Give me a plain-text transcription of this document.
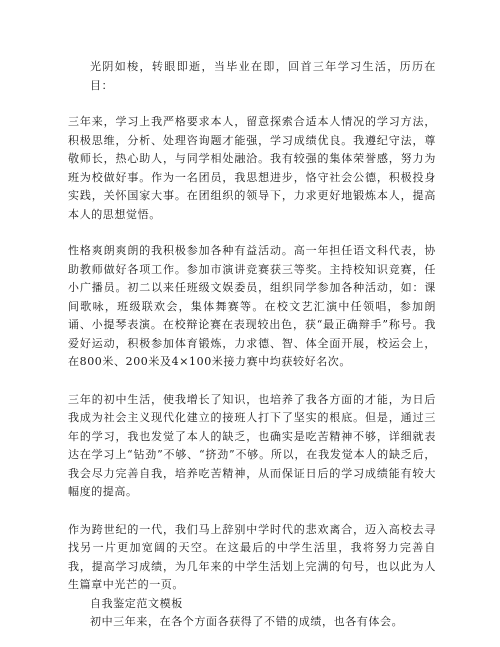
光阴如梭，转眼即逝，当毕业在即，回首三年学习生活，历历在目：

三年来，学习上我严格要求本人，留意探索合适本人情况的学习方法，积极思维，分析、处理咨询题才能强，学习成绩优良。我遵纪守法，尊敬师长，热心助人，与同学相处融洽。我有较强的集体荣誉感，努力为班为校做好事。作为一名团员，我思想进步，恪守社会公德，积极投身实践，关怀国家大事。在团组织的领导下，力求更好地锻炼本人，提高本人的思想觉悟。

性格爽朗爽朗的我积极参加各种有益活动。高一年担任语文科代表，协助教师做好各项工作。参加市演讲竞赛获三等奖。主持校知识竞赛，任小广播员。初二以来任班级文娱委员，组织同学参加各种活动，如：课间歌咏，班级联欢会，集体舞赛等。在校文艺汇演中任领唱，参加朗诵、小提琴表演。在校辩论赛在表现较出色，获“最正确辩手”称号。我爱好运动，积极参加体育锻炼，力求德、智、体全面开展，校运会上，在800米、200米及4×100米接力赛中均获较好名次。

三年的初中生活，使我增长了知识，也培养了我各方面的才能，为日后我成为社会主义现代化建立的接班人打下了坚实的根底。但是，通过三年的学习，我也发觉了本人的缺乏，也确实是吃苦精神不够，详细就表达在学习上“钻劲”不够、“挤劲”不够。所以，在我发觉本人的缺乏后，我会尽力完善自我，培养吃苦精神，从而保证日后的学习成绩能有较大幅度的提高。

作为跨世纪的一代，我们马上辞别中学时代的悲欢离合，迈入高校去寻找另一片更加宽阔的天空。在这最后的中学生活里，我将努力完善自我，提高学习成绩，为几年来的中学生活划上完满的句号，也以此为人生篇章中光芒的一页。

自我鉴定范文模板

初中三年来，在各个方面各获得了不错的成绩，也各有体会。
